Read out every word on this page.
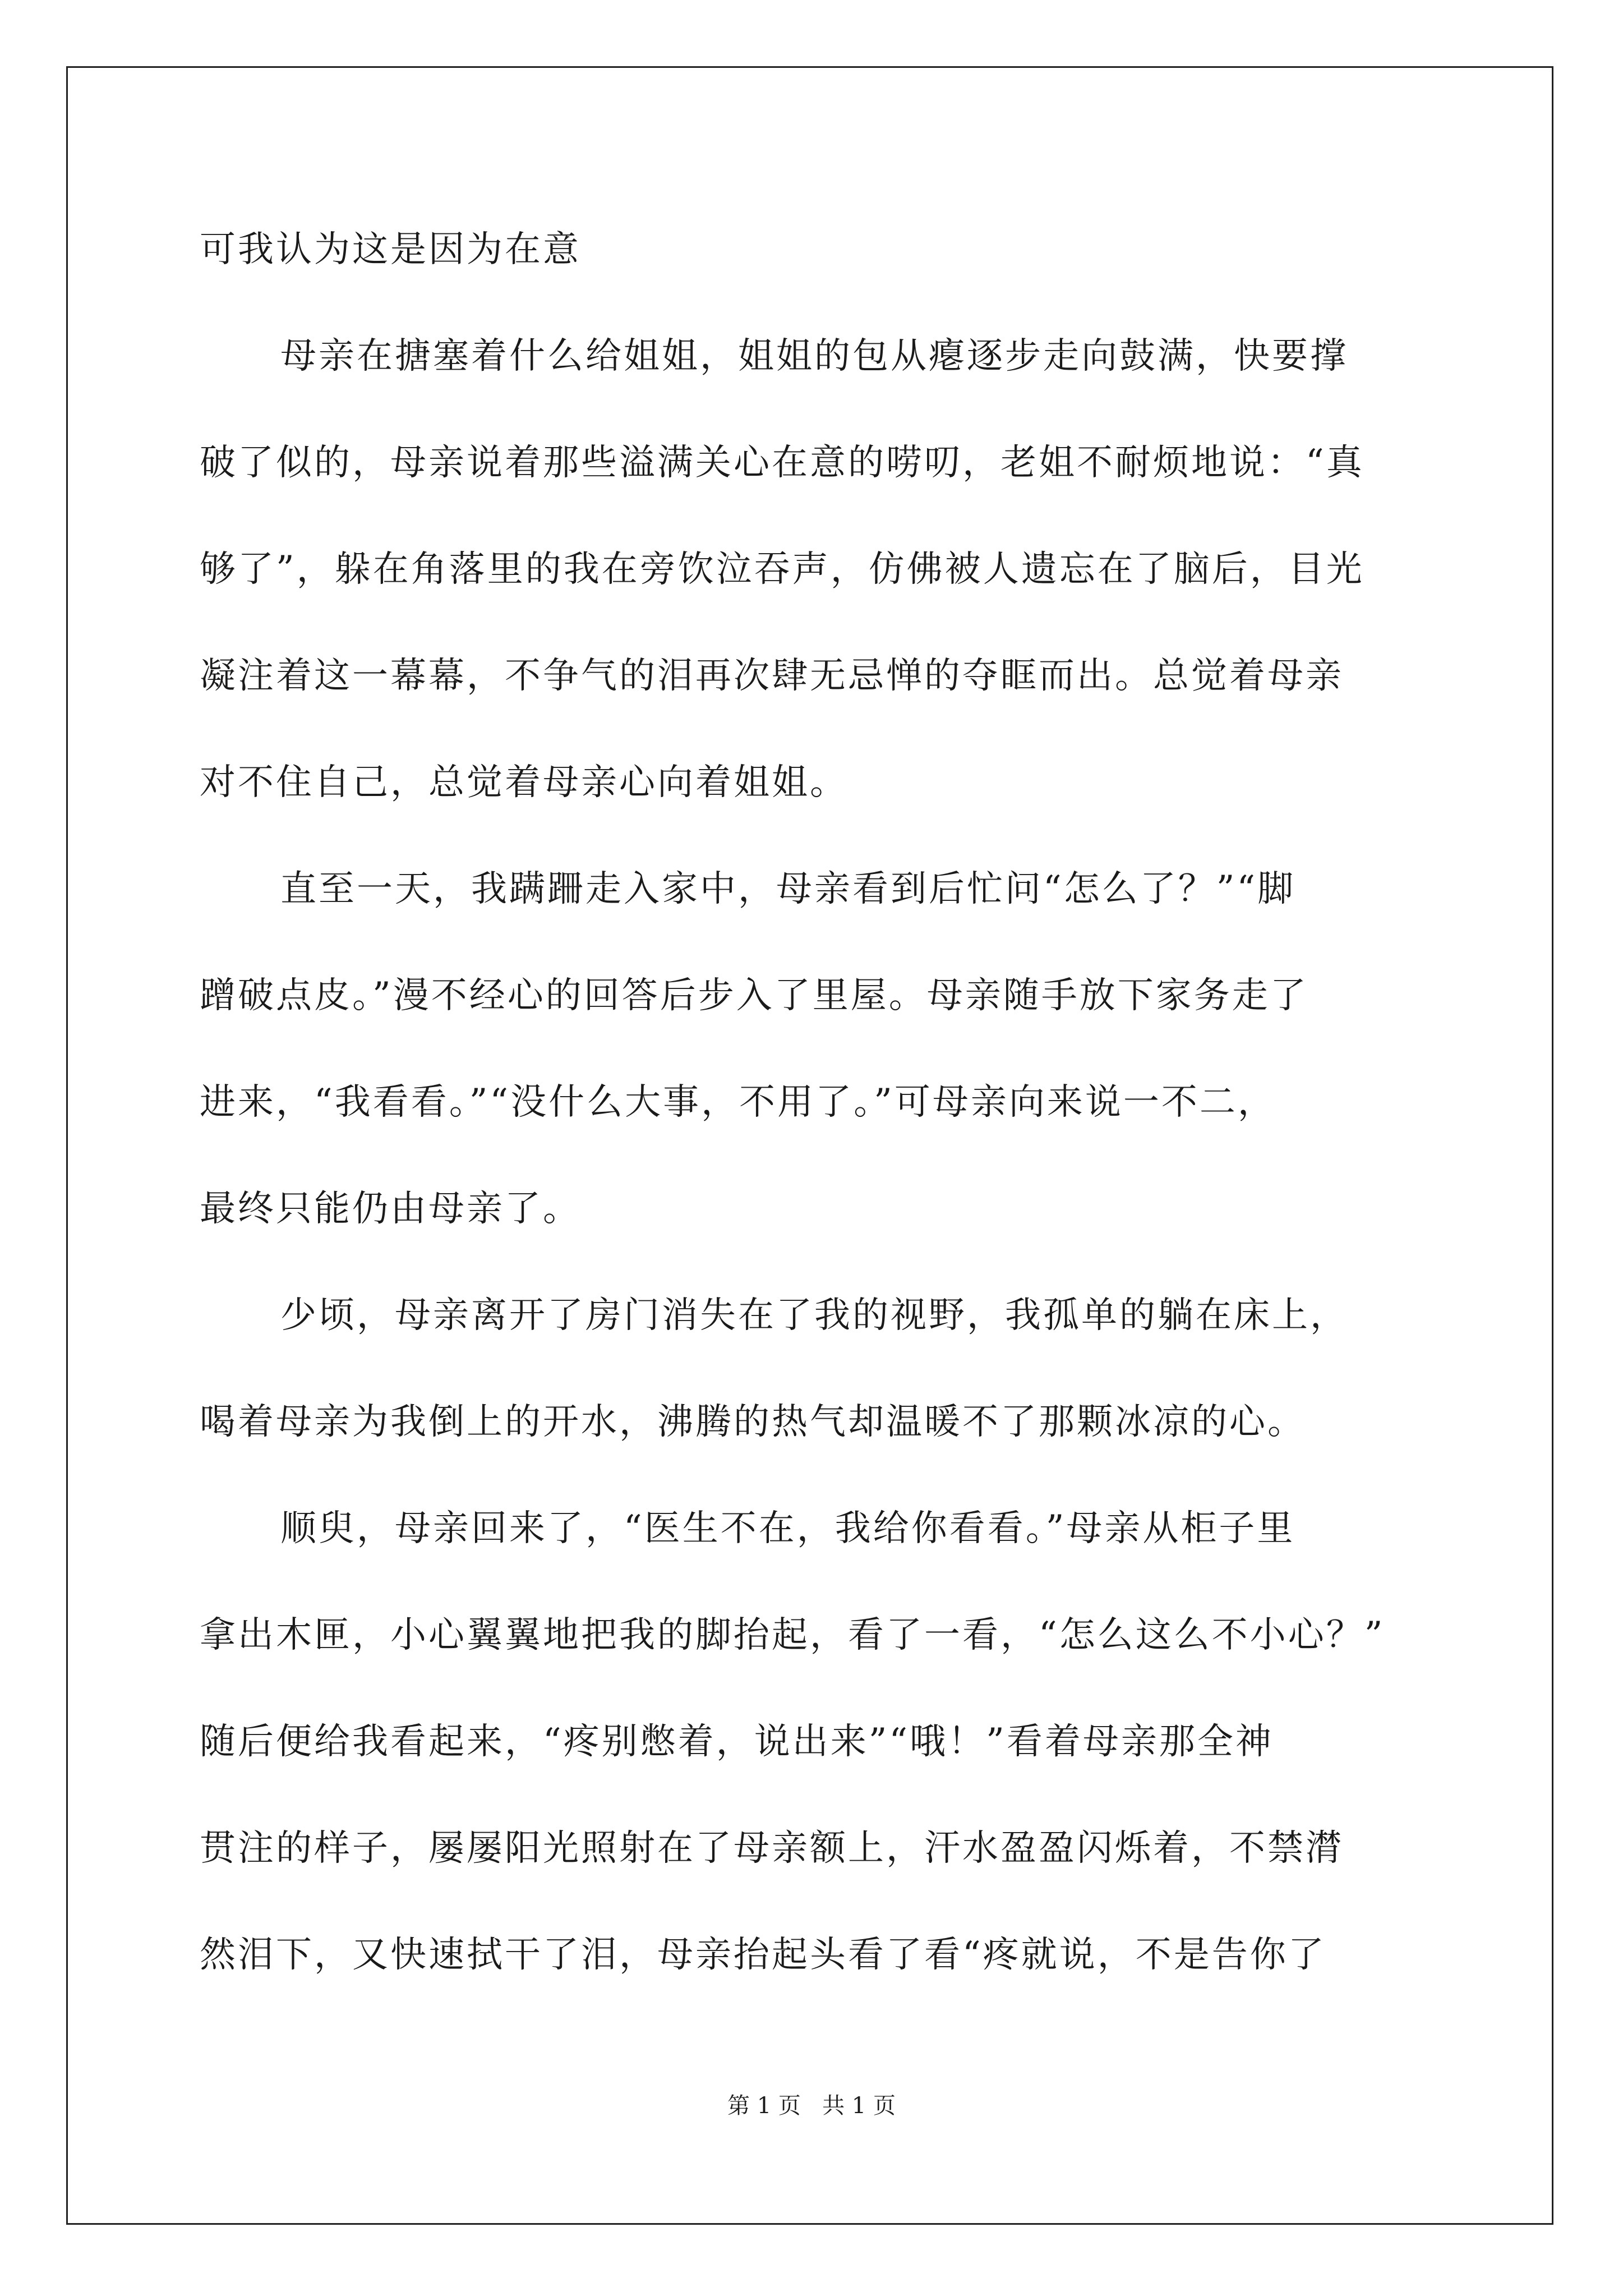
可我认为这是因为在意
母亲在搪塞着什么给姐姐，姐姐的包从瘪逐步走向鼓满，快要撑
破了似的，母亲说着那些溢满关心在意的唠叨，老姐不耐烦地说：“真
够了”，躲在角落里的我在旁饮泣吞声，仿佛被人遗忘在了脑后，目光
凝注着这一幕幕，不争气的泪再次肆无忌惮的夺眶而出。总觉着母亲
对不住自己，总觉着母亲心向着姐姐。
直至一天，我蹒跚走入家中，母亲看到后忙问“怎么了？”“脚
蹭破点皮。”漫不经心的回答后步入了里屋。母亲随手放下家务走了
进来，“我看看。”“没什么大事，不用了。”可母亲向来说一不二，
最终只能仍由母亲了。
少顷，母亲离开了房门消失在了我的视野，我孤单的躺在床上，
喝着母亲为我倒上的开水，沸腾的热气却温暖不了那颗冰凉的心。
顺臾，母亲回来了，“医生不在，我给你看看。”母亲从柜子里
拿出木匣，小心翼翼地把我的脚抬起，看了一看，“怎么这么不小心？”
随后便给我看起来，“疼别憋着，说出来”“哦！”看着母亲那全神
贯注的样子，屡屡阳光照射在了母亲额上，汗水盈盈闪烁着，不禁潸
然泪下，又快速拭干了泪，母亲抬起头看了看“疼就说，不是告你了
第 1 页   共 1 页
